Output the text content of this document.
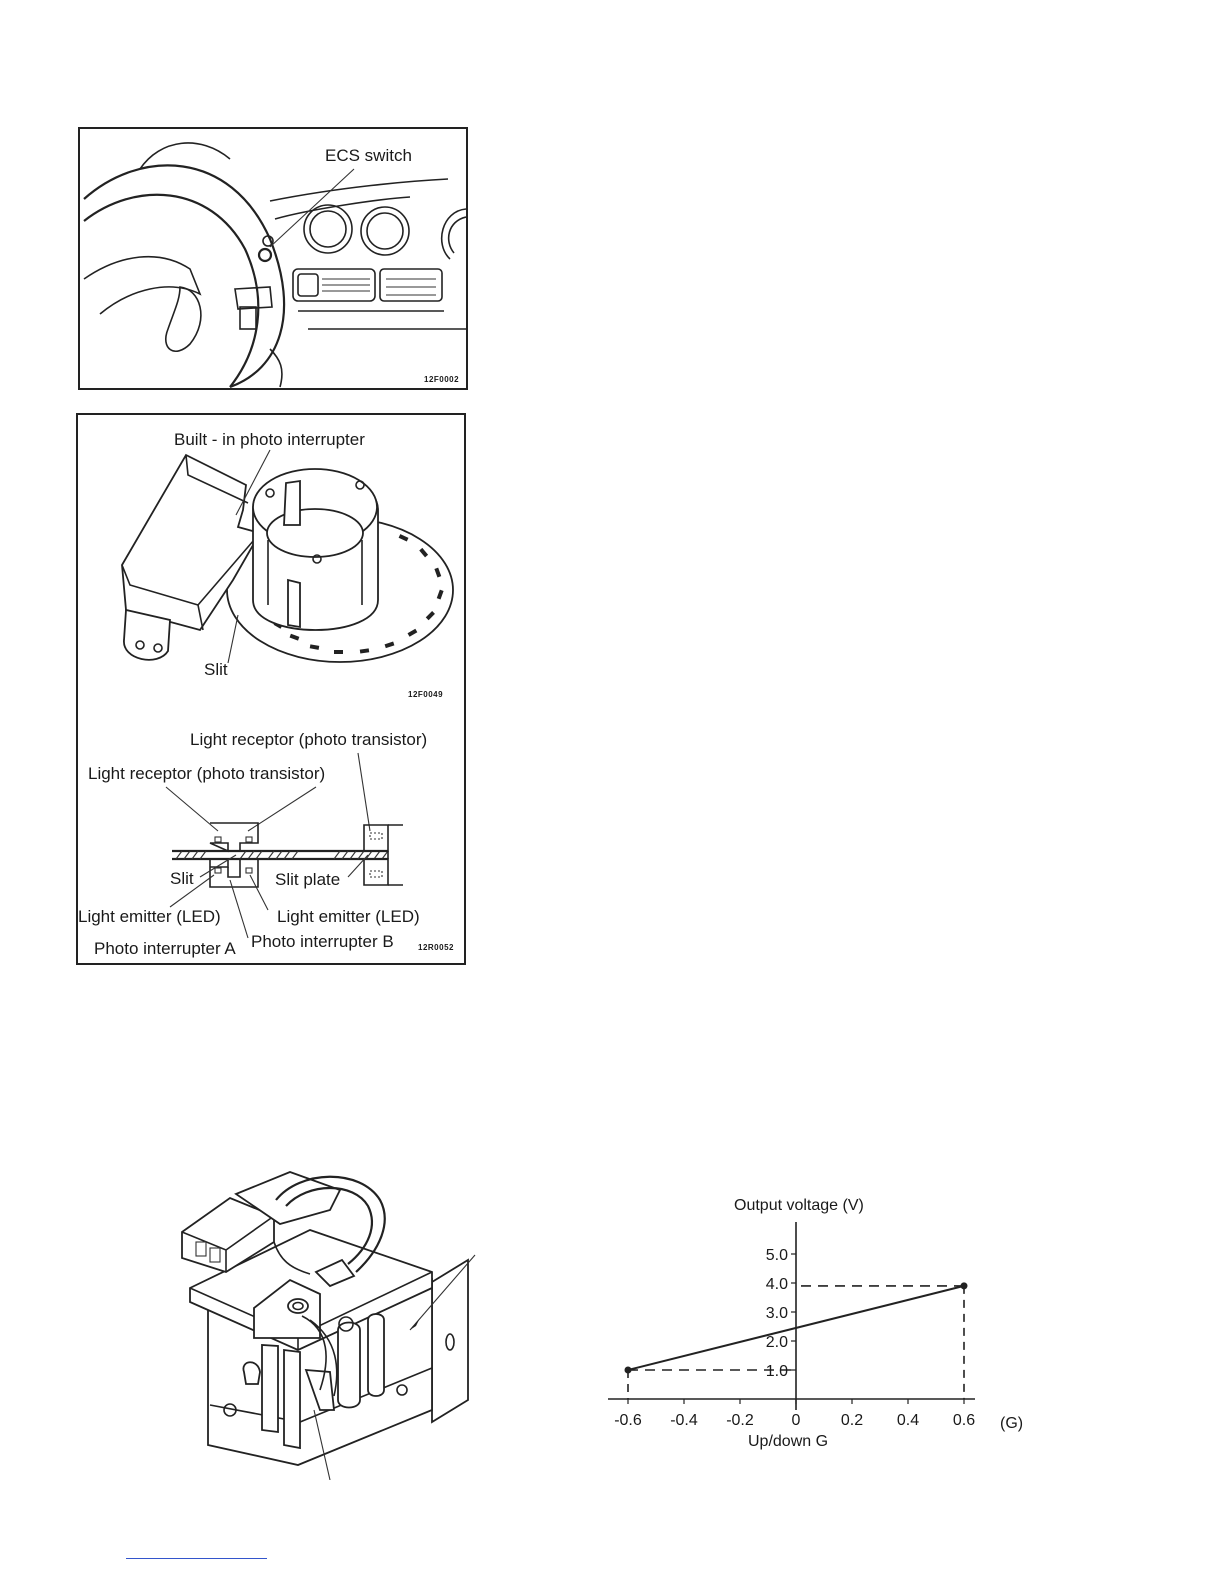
ECS switch
12F0002
Built - in photo interrupter
Slit
12F0049
Light receptor (photo transistor)
Light receptor (photo transistor)
Slit	Slit plate
Light emitter (LED)	Light emitter (LED)
Photo interrupter A Photo interrupter B	12R0052
Output voltage (V)
-0.6 -0.4 -0.2 0	0.2 0.4 0.6
1.0
2.0
3.0
4.0
5.0
(G)
Up/down G
